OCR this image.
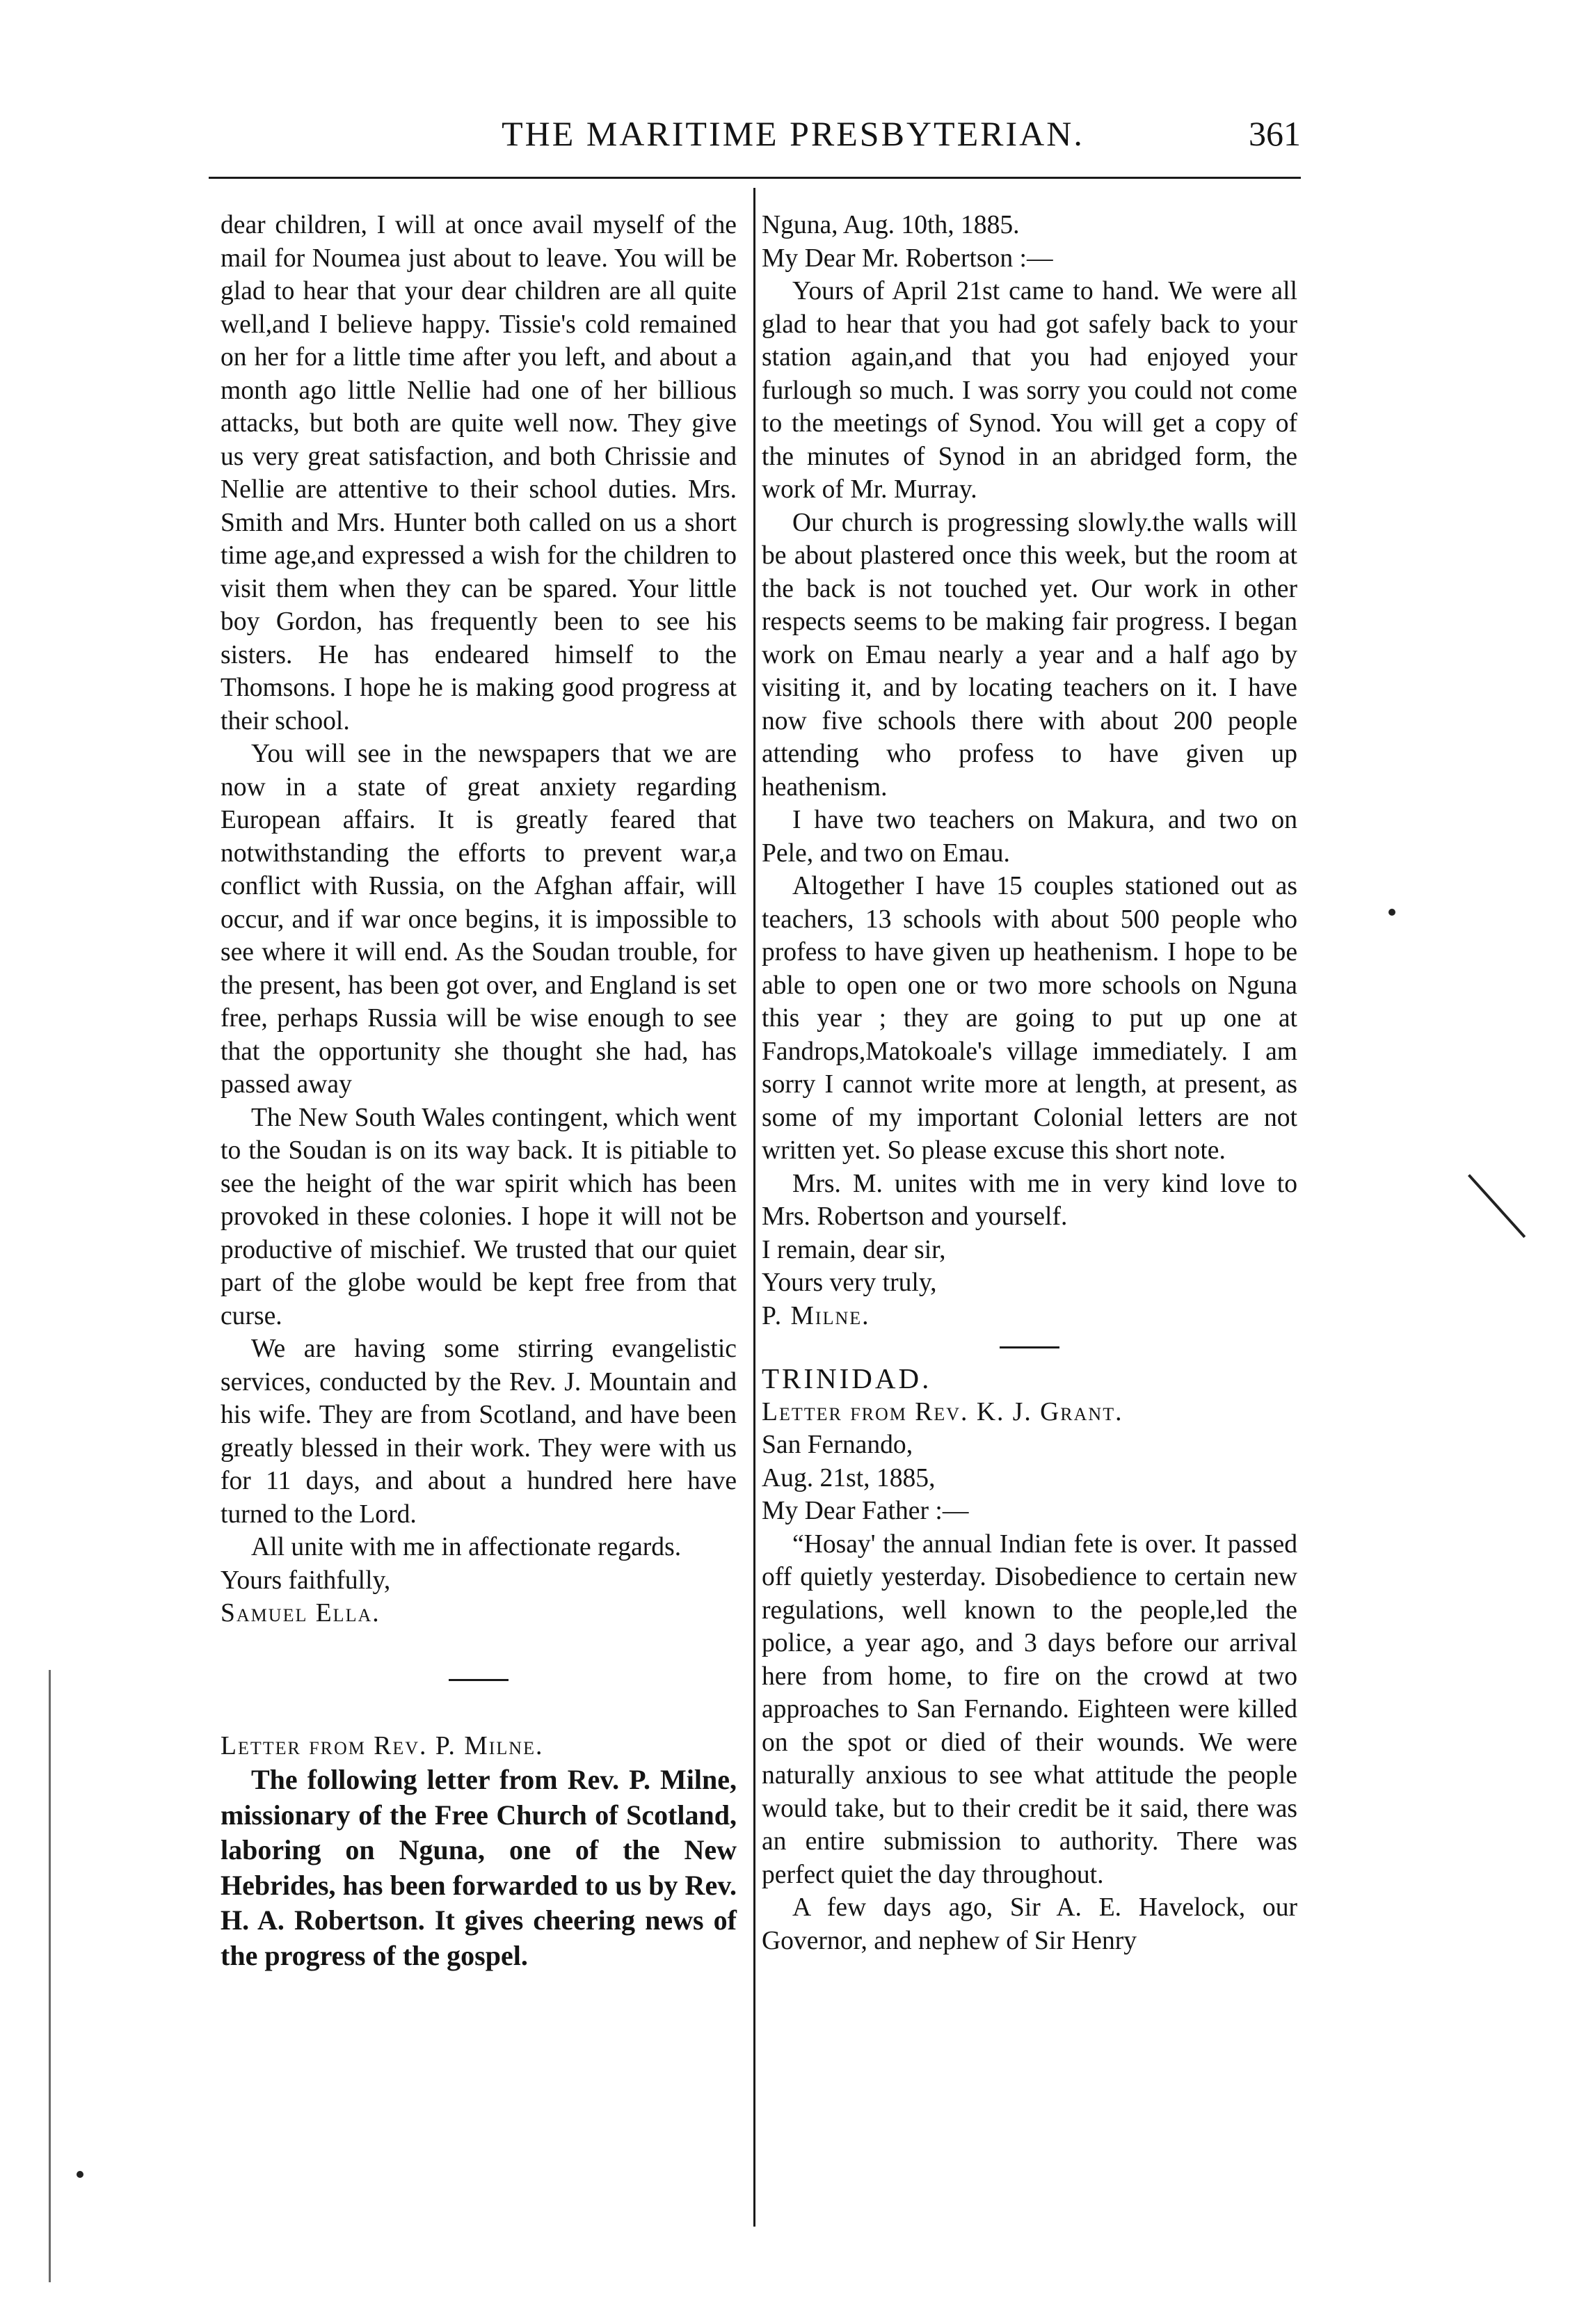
THE MARITIME PRESBYTERIAN.	361

dear children, I will at once avail myself of the mail for Noumea just about to leave. You will be glad to hear that your dear children are all quite well,and I believe happy. Tissie's cold remained on her for a little time after you left, and about a month ago little Nellie had one of her billious attacks, but both are quite well now. They give us very great satisfaction, and both Chrissie and Nellie are attentive to their school duties. Mrs. Smith and Mrs. Hunter both called on us a short time age,and expressed a wish for the children to visit them when they can be spared. Your little boy Gordon, has frequently been to see his sisters. He has endeared himself to the Thomsons. I hope he is making good progress at their school.

You will see in the newspapers that we are now in a state of great anxiety regarding European affairs. It is greatly feared that notwithstanding the efforts to prevent war,a conflict with Russia, on the Afghan affair, will occur, and if war once begins, it is impossible to see where it will end. As the Soudan trouble, for the present, has been got over, and England is set free, perhaps Russia will be wise enough to see that the opportunity she thought she had, has passed away

The New South Wales contingent, which went to the Soudan is on its way back. It is pitiable to see the height of the war spirit which has been provoked in these colonies. I hope it will not be productive of mischief. We trusted that our quiet part of the globe would be kept free from that curse.

We are having some stirring evangelistic services, conducted by the Rev. J. Mountain and his wife. They are from Scotland, and have been greatly blessed in their work. They were with us for 11 days, and about a hundred here have turned to the Lord.

All unite with me in affectionate regards.

Yours faithfully,

Samuel Ella.

Letter from Rev. P. Milne.

The following letter from Rev. P. Milne, missionary of the Free Church of Scotland, laboring on Nguna, one of the New Hebrides, has been forwarded to us by Rev. H. A. Robertson. It gives cheering news of the progress of the gospel.

Nguna, Aug. 10th, 1885.

My Dear Mr. Robertson :—

Yours of April 21st came to hand. We were all glad to hear that you had got safely back to your station again,and that you had enjoyed your furlough so much. I was sorry you could not come to the meetings of Synod. You will get a copy of the minutes of Synod in an abridged form, the work of Mr. Murray.

Our church is progressing slowly.the walls will be about plastered once this week, but the room at the back is not touched yet. Our work in other respects seems to be making fair progress. I began work on Emau nearly a year and a half ago by visiting it, and by locating teachers on it. I have now five schools there with about 200 people attending who profess to have given up heathenism.

I have two teachers on Makura, and two on Pele, and two on Emau.

Altogether I have 15 couples stationed out as teachers, 13 schools with about 500 people who profess to have given up heathenism. I hope to be able to open one or two more schools on Nguna this year ; they are going to put up one at Fandrops,Matokoale's village immediately. I am sorry I cannot write more at length, at present, as some of my important Colonial letters are not written yet. So please excuse this short note.

Mrs. M. unites with me in very kind love to Mrs. Robertson and yourself.

I remain, dear sir,

Yours very truly,

P. Milne.

TRINIDAD.

Letter from Rev. K. J. Grant.

San Fernando,

Aug. 21st, 1885,

My Dear Father :—

“Hosay' the annual Indian fete is over. It passed off quietly yesterday. Disobedience to certain new regulations, well known to the people,led the police, a year ago, and 3 days before our arrival here from home, to fire on the crowd at two approaches to San Fernando. Eighteen were killed on the spot or died of their wounds. We were naturally anxious to see what attitude the people would take, but to their credit be it said, there was an entire submission to authority. There was perfect quiet the day throughout.

A few days ago, Sir A. E. Havelock, our Governor, and nephew of Sir Henry
